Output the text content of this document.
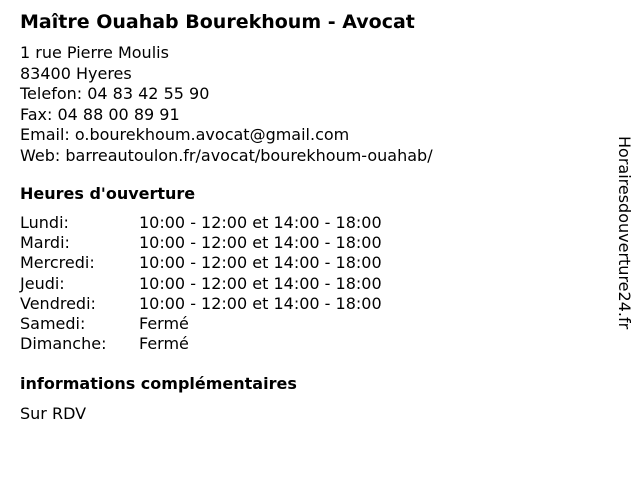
Maître Ouahab Bourekhoum - Avocat
1 rue Pierre Moulis
83400 Hyeres
Telefon: 04 83 42 55 90
Fax: 04 88 00 89 91
Email: o.bourekhoum.avocat@gmail.com
Web: barreautoulon.fr/avocat/bourekhoum-ouahab/
Heures d'ouverture
Lundi:	10:00 - 12:00 et 14:00 - 18:00
Mardi:	10:00 - 12:00 et 14:00 - 18:00
Mercredi:	10:00 - 12:00 et 14:00 - 18:00
Jeudi:	10:00 - 12:00 et 14:00 - 18:00
Vendredi:	10:00 - 12:00 et 14:00 - 18:00
Samedi:	Fermé
Dimanche:	Fermé
informations complémentaires
Sur RDV
Horairesdouverture24.fr
